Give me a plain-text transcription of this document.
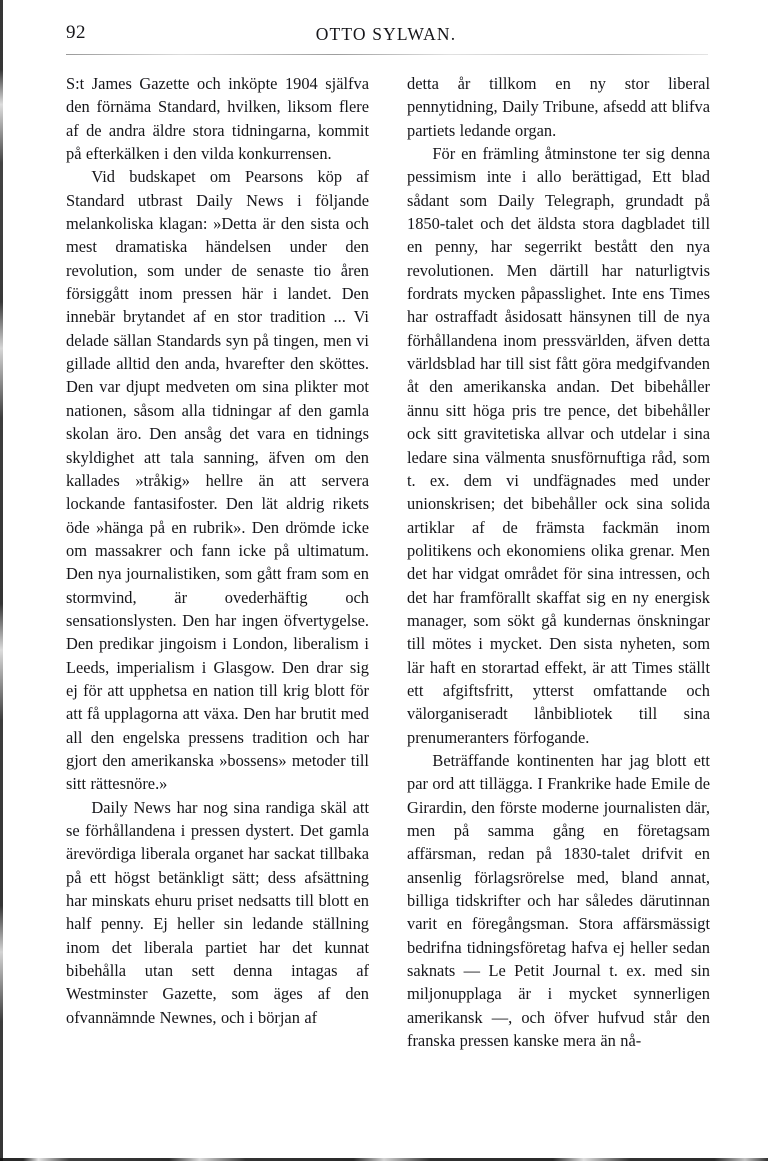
92	OTTO SYLWAN.

S:t James Gazette och inköpte 1904 själfva den förnäma Standard, hvilken, liksom flere af de andra äldre stora tidningarna, kommit på efterkälken i den vilda konkurrensen.

Vid budskapet om Pearsons köp af Standard utbrast Daily News i följande melankoliska klagan: »Detta är den sista och mest dramatiska händelsen under den revolution, som under de senaste tio åren försiggått inom pressen här i landet. Den innebär brytandet af en stor tradition ... Vi delade sällan Standards syn på tingen, men vi gillade alltid den anda, hvarefter den sköttes. Den var djupt medveten om sina plikter mot nationen, såsom alla tidningar af den gamla skolan äro. Den ansåg det vara en tidnings skyldighet att tala sanning, äfven om den kallades »tråkig» hellre än att servera lockande fantasifoster. Den lät aldrig rikets öde »hänga på en rubrik». Den drömde icke om massakrer och fann icke på ultimatum. Den nya journalistiken, som gått fram som en stormvind, är ovederhäftig och sensationslysten. Den har ingen öfvertygelse. Den predikar jingoism i London, liberalism i Leeds, imperialism i Glasgow. Den drar sig ej för att upphetsa en nation till krig blott för att få upplagorna att växa. Den har brutit med all den engelska pressens tradition och har gjort den amerikanska »bossens» metoder till sitt rättesnöre.»

Daily News har nog sina randiga skäl att se förhållandena i pressen dystert. Det gamla ärevördiga liberala organet har sackat tillbaka på ett högst betänkligt sätt; dess afsättning har minskats ehuru priset nedsatts till blott en half penny. Ej heller sin ledande ställning inom det liberala partiet har det kunnat bibehålla utan sett denna intagas af Westminster Gazette, som äges af den ofvannämnde Newnes, och i början af

detta år tillkom en ny stor liberal pennytidning, Daily Tribune, afsedd att blifva partiets ledande organ.

För en främling åtminstone ter sig denna pessimism inte i allo berättigad, Ett blad sådant som Daily Telegraph, grundadt på 1850-talet och det äldsta stora dagbladet till en penny, har segerrikt bestått den nya revolutionen. Men därtill har naturligtvis fordrats mycken påpasslighet. Inte ens Times har ostraffadt åsidosatt hänsynen till de nya förhållandena inom pressvärlden, äfven detta världsblad har till sist fått göra medgifvanden åt den amerikanska andan. Det bibehåller ännu sitt höga pris tre pence, det bibehåller ock sitt gravitetiska allvar och utdelar i sina ledare sina välmenta snusförnuftiga råd, som t. ex. dem vi undfägnades med under unionskrisen; det bibehåller ock sina solida artiklar af de främsta fackmän inom politikens och ekonomiens olika grenar. Men det har vidgat området för sina intressen, och det har framförallt skaffat sig en ny energisk manager, som sökt gå kundernas önskningar till mötes i mycket. Den sista nyheten, som lär haft en storartad effekt, är att Times ställt ett afgiftsfritt, ytterst omfattande och välorganiseradt lånbibliotek till sina prenumeranters förfogande.

Beträffande kontinenten har jag blott ett par ord att tillägga. I Frankrike hade Emile de Girardin, den förste moderne journalisten där, men på samma gång en företagsam affärsman, redan på 1830-talet drifvit en ansenlig förlagsrörelse med, bland annat, billiga tidskrifter och har således därutinnan varit en föregångsman. Stora affärsmässigt bedrifna tidningsföretag hafva ej heller sedan saknats — Le Petit Journal t. ex. med sin miljonupplaga är i mycket synnerligen amerikansk —, och öfver hufvud står den franska pressen kanske mera än nå-
